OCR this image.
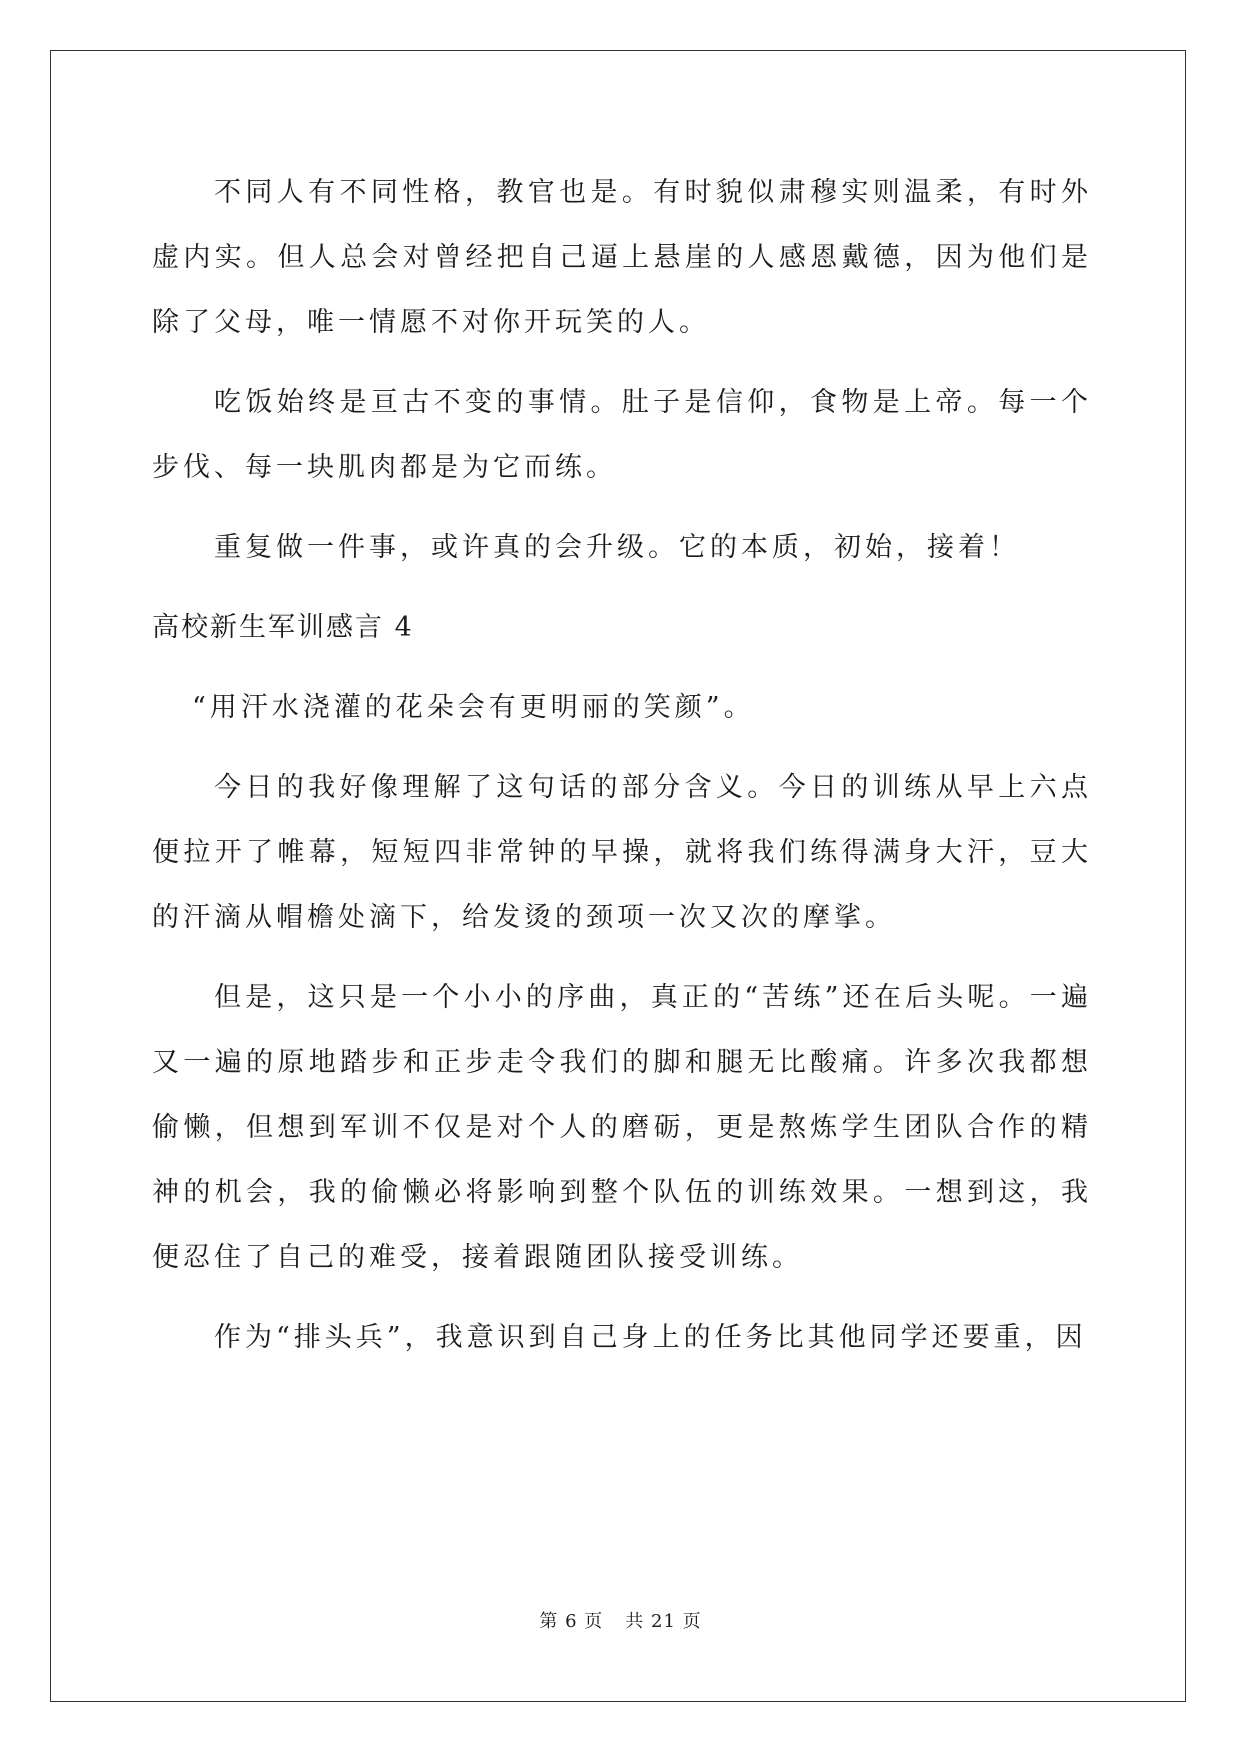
不同人有不同性格，教官也是。有时貌似肃穆实则温柔，有时外虚内实。但人总会对曾经把自己逼上悬崖的人感恩戴德，因为他们是除了父母，唯一情愿不对你开玩笑的人。

吃饭始终是亘古不变的事情。肚子是信仰，食物是上帝。每一个步伐、每一块肌肉都是为它而练。

重复做一件事，或许真的会升级。它的本质，初始，接着！

高校新生军训感言 4

“用汗水浇灌的花朵会有更明丽的笑颜”。

今日的我好像理解了这句话的部分含义。今日的训练从早上六点便拉开了帷幕，短短四非常钟的早操，就将我们练得满身大汗，豆大的汗滴从帽檐处滴下，给发烫的颈项一次又次的摩挲。

但是，这只是一个小小的序曲，真正的“苦练”还在后头呢。一遍又一遍的原地踏步和正步走令我们的脚和腿无比酸痛。许多次我都想偷懒，但想到军训不仅是对个人的磨砺，更是熬炼学生团队合作的精神的机会，我的偷懒必将影响到整个队伍的训练效果。一想到这，我便忍住了自己的难受，接着跟随团队接受训练。

作为“排头兵”，我意识到自己身上的任务比其他同学还要重，因

第 6 页 共 21 页
